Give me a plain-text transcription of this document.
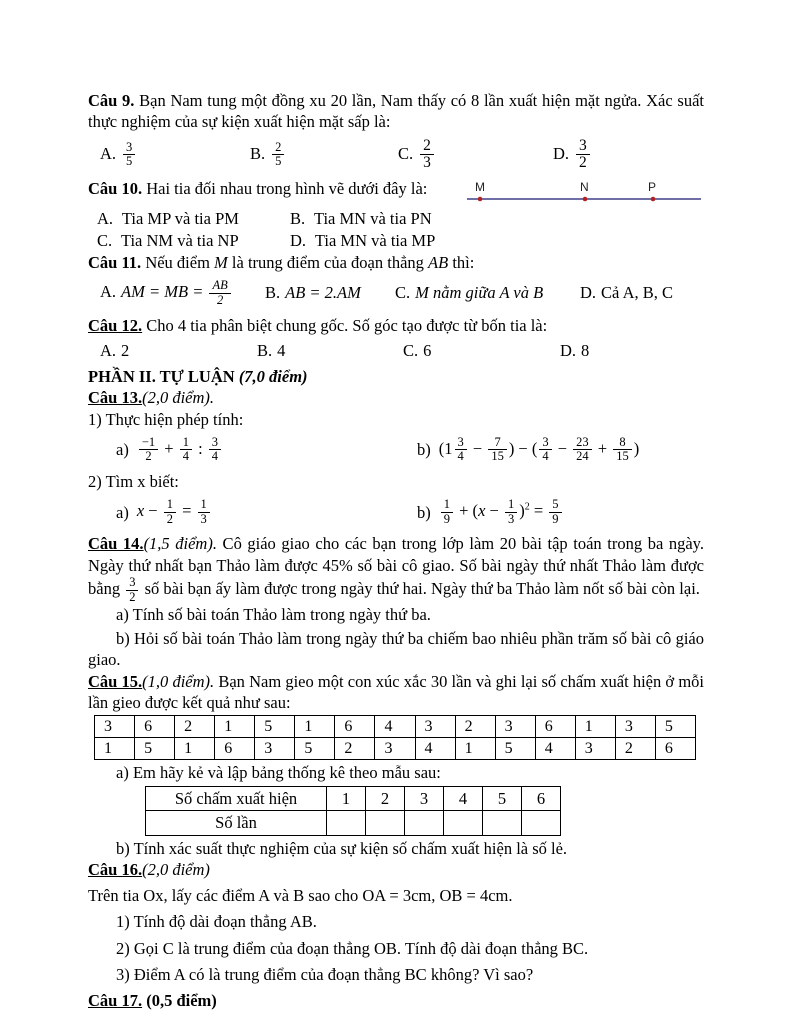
Câu 9. Bạn Nam tung một đồng xu 20 lần, Nam thấy có 8 lần xuất hiện mặt ngửa. Xác suất thực nghiệm của sự kiện xuất hiện mặt sấp là:

A. $\frac{3}{5}$	B. $\frac{2}{5}$	C. $\frac{2}{3}$	D. $\frac{3}{2}$

Câu 10. Hai tia đối nhau trong hình vẽ dưới đây là:	M	N	P
A. Tia MP và tia PM	B. Tia MN và tia PN
C. Tia NM và tia NP	D. Tia MN và tia MP

Câu 11. Nếu điểm M là trung điểm của đoạn thẳng AB thì:

A. AM = MB = $\frac{AB}{2} B$. AB = 2.AM	C. M nằm giữa A và B	D. Cả A, B, C

Câu 12. Cho 4 tia phân biệt chung gốc. Số góc tạo được từ bốn tia là:

A. 2	B. 4	C. 6	D. 8

PHẦN II. TỰ LUẬN (7,0 điểm)

Câu 13.(2,0 điểm).

1) Thực hiện phép tính:

$a) \frac{-1}{2} + \frac{1}{4}$ : $\frac{3}{4}$	b) ($1 \frac{3}{4} - \frac{7}{15}$ ) − ( $\frac{3}{4} - \frac{23}{24} + \frac{8}{15}$ )

2) Tìm x biết:

a) $x - \frac{1}{2} = \frac{1}{3}$	$b) \frac{1}{9} + (x - \frac{1}{3} )^2 = \frac{5}{9}$

Câu 14.(1,5 điểm). Cô giáo giao cho các bạn trong lớp làm 20 bài tập toán trong ba ngày. Ngày thứ nhất bạn Thảo làm được 45% số bài cô giao. Số bài ngày thứ nhất Thảo làm được bằng $\frac{3}{2}$ số bài bạn ấy làm được trong ngày thứ hai. Ngày thứ ba Thảo làm nốt số bài còn lại.

a) Tính số bài toán Thảo làm trong ngày thứ ba.

b) Hỏi số bài toán Thảo làm trong ngày thứ ba chiếm bao nhiêu phần trăm số bài cô giáo giao.

Câu 15.(1,0 điểm). Bạn Nam gieo một con xúc xắc 30 lần và ghi lại số chấm xuất hiện ở mỗi lần gieo được kết quả như sau:

3	6	2	1	5	1	6	4	3	2	3	6	1	3	5
1	5	1	6	3	5	2	3	4	1	5	4	3	2	6

a) Em hãy kẻ và lập bảng thống kê theo mẫu sau:

Số chấm xuất hiện	1	2	3	4	5	6
Số lần						

b) Tính xác suất thực nghiệm của sự kiện số chấm xuất hiện là số lẻ.

Câu 16.(2,0 điểm)

Trên tia Ox, lấy các điểm A và B sao cho OA = 3cm, OB = 4cm.

1) Tính độ dài đoạn thẳng AB.

2) Gọi C là trung điểm của đoạn thẳng OB. Tính độ dài đoạn thẳng BC.

3) Điểm A có là trung điểm của đoạn thẳng BC không? Vì sao?

Câu 17. (0,5 điểm)
